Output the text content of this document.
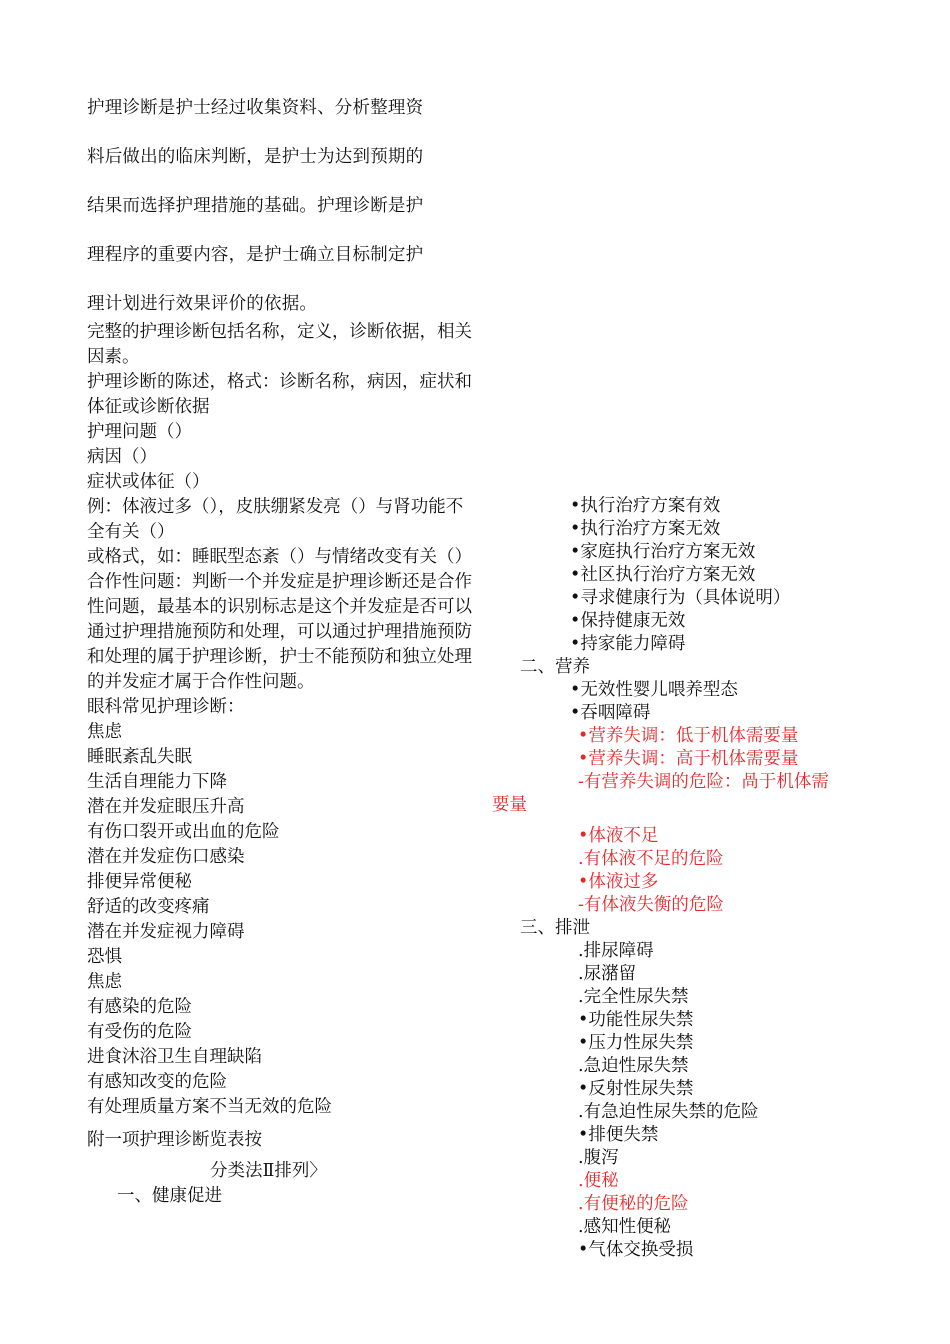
护理诊断是护士经过收集资料、分析整理资

料后做出的临床判断，是护士为达到预期的

结果而选择护理措施的基础。护理诊断是护

理程序的重要内容，是护士确立目标制定护

理计划进行效果评价的依据。

完整的护理诊断包括名称，定义，诊断依据，相关因素。

护理诊断的陈述，格式：诊断名称，病因，症状和体征或诊断依据

护理问题（）

病因（）

症状或体征（）

例：体液过多（），皮肤绷紧发亮（）与肾功能不全有关（）

或格式，如：睡眠型态紊（）与情绪改变有关（）

合作性问题：判断一个并发症是护理诊断还是合作性问题，最基本的识别标志是这个并发症是否可以通过护理措施预防和处理，可以通过护理措施预防和处理的属于护理诊断，护士不能预防和独立处理的并发症才属于合作性问题。

眼科常见护理诊断：

焦虑
睡眠紊乱失眠
生活自理能力下降
潜在并发症眼压升高
有伤口裂开或出血的危险
潜在并发症伤口感染
排便异常便秘
舒适的改变疼痛
潜在并发症视力障碍
恐惧
焦虑
有感染的危险
有受伤的危险
进食沐浴卫生自理缺陷
有感知改变的危险
有处理质量方案不当无效的危险

附一项护理诊断览表按

分类法Ⅱ排列〉

一、健康促进

•执行治疗方案有效

•执行治疗方案无效

•家庭执行治疗方案无效

•社区执行治疗方案无效

•寻求健康行为（具体说明）

•保持健康无效

•持家能力障碍

二、营养

•无效性婴儿喂养型态

•吞咽障碍

•营养失调：低于机体需要量

•营养失调：高于机体需要量

-有营养失调的危险：咼于机体需

要量

•体液不足

.有体液不足的危险

•体液过多

-有体液失衡的危险

三、排泄

.排尿障碍

.尿潴留

.完全性尿失禁

•功能性尿失禁

•压力性尿失禁

.急迫性尿失禁

•反射性尿失禁

.有急迫性尿失禁的危险

•排便失禁

.腹泻

.便秘

.有便秘的危险

.感知性便秘

•气体交换受损
